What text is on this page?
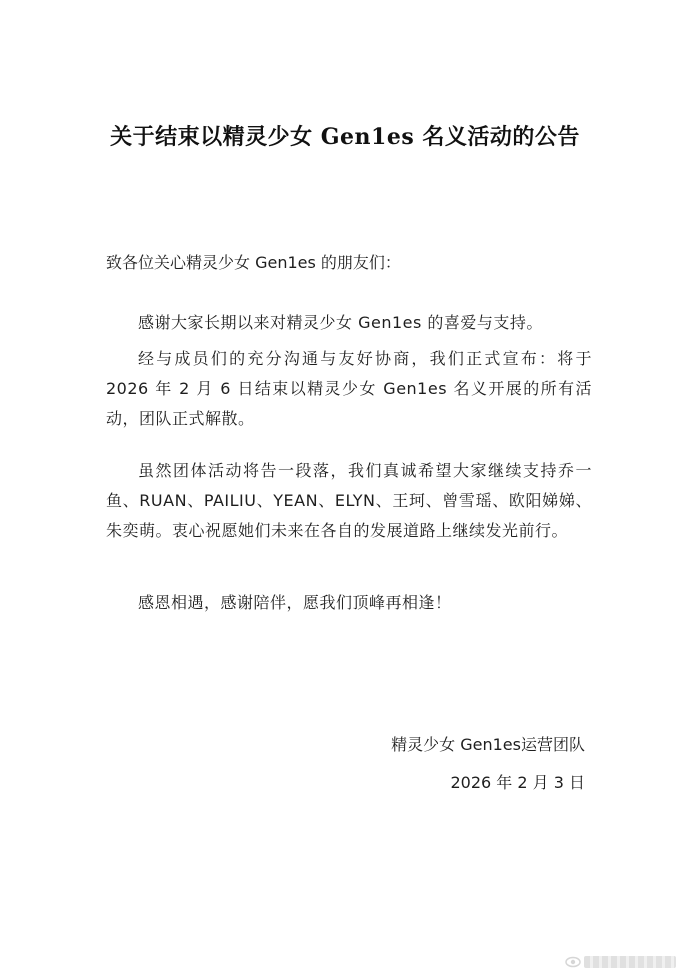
关于结束以精灵少女 Gen1es 名义活动的公告
致各位关心精灵少女 Gen1es 的朋友们：
感谢大家长期以来对精灵少女 Gen1es 的喜爱与支持。
经与成员们的充分沟通与友好协商，我们正式宣布：将于 2026 年 2 月 6 日结束以精灵少女 Gen1es 名义开展的所有活动，团队正式解散。
虽然团体活动将告一段落，我们真诚希望大家继续支持乔一鱼、RUAN、PAILIU、YEAN、ELYN、王珂、曾雪瑶、欧阳娣娣、朱奕萌。衷心祝愿她们未来在各自的发展道路上继续发光前行。
感恩相遇，感谢陪伴，愿我们顶峰再相逢！
精灵少女 Gen1es运营团队
2026 年 2 月 3 日
